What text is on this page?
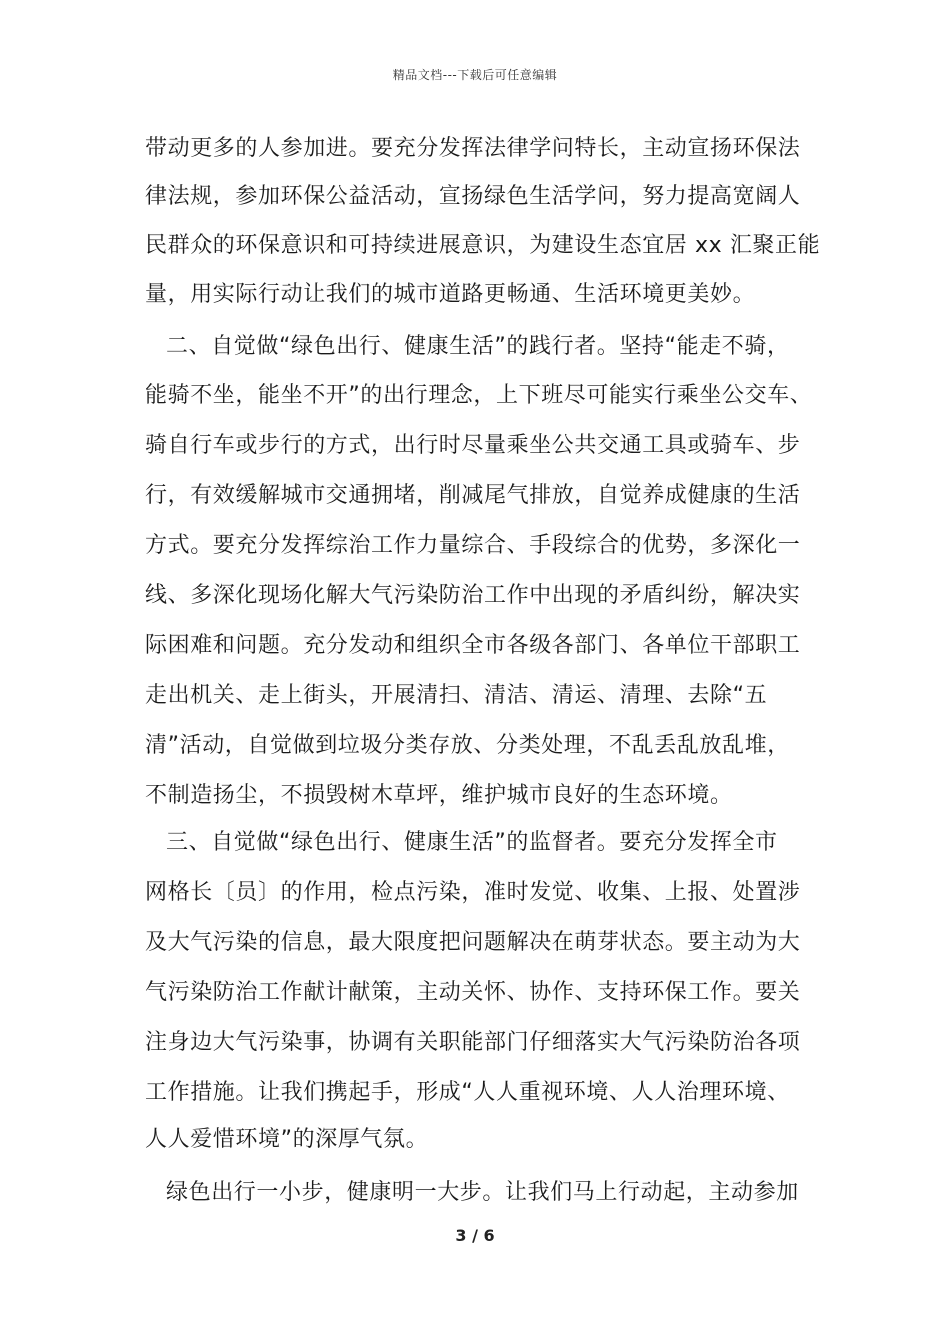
精品文档---下载后可任意编辑
带动更多的人参加进。要充分发挥法律学问特长，主动宣扬环保法
律法规，参加环保公益活动，宣扬绿色生活学问，努力提高宽阔人
民群众的环保意识和可持续进展意识，为建设生态宜居 xx 汇聚正能
量，用实际行动让我们的城市道路更畅通、生活环境更美妙。
二、自觉做“绿色出行、健康生活”的践行者。坚持“能走不骑，
能骑不坐，能坐不开”的出行理念，上下班尽可能实行乘坐公交车、
骑自行车或步行的方式，出行时尽量乘坐公共交通工具或骑车、步
行，有效缓解城市交通拥堵，削减尾气排放，自觉养成健康的生活
方式。要充分发挥综治工作力量综合、手段综合的优势，多深化一
线、多深化现场化解大气污染防治工作中出现的矛盾纠纷，解决实
际困难和问题。充分发动和组织全市各级各部门、各单位干部职工
走出机关、走上街头，开展清扫、清洁、清运、清理、去除“五
清”活动，自觉做到垃圾分类存放、分类处理，不乱丢乱放乱堆，
不制造扬尘，不损毁树木草坪，维护城市良好的生态环境。
三、自觉做“绿色出行、健康生活”的监督者。要充分发挥全市
网格长〔员〕的作用，检点污染，准时发觉、收集、上报、处置涉
及大气污染的信息，最大限度把问题解决在萌芽状态。要主动为大
气污染防治工作献计献策，主动关怀、协作、支持环保工作。要关
注身边大气污染事，协调有关职能部门仔细落实大气污染防治各项
工作措施。让我们携起手，形成“人人重视环境、人人治理环境、
人人爱惜环境”的深厚气氛。
绿色出行一小步，健康明一大步。让我们马上行动起，主动参加
3 / 6
